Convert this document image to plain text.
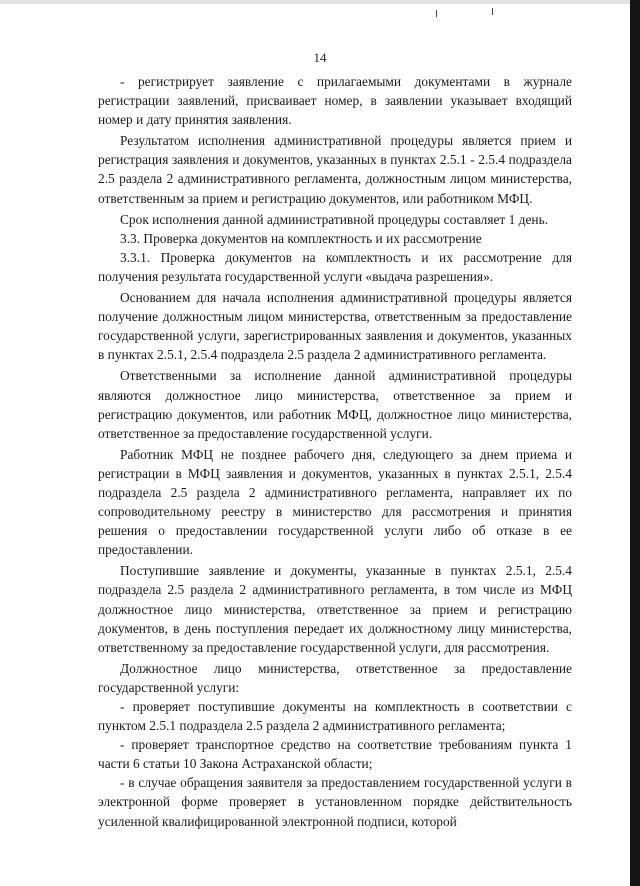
14

- регистрирует заявление с прилагаемыми документами в журнале регистрации заявлений, присваивает номер, в заявлении указывает входящий номер и дату принятия заявления.

Результатом исполнения административной процедуры является прием и регистрация заявления и документов, указанных в пунктах 2.5.1 - 2.5.4 подраздела 2.5 раздела 2 административного регламента, должностным лицом министерства, ответственным за прием и регистрацию документов, или работником МФЦ.

Срок исполнения данной административной процедуры составляет 1 день.

3.3. Проверка документов на комплектность и их рассмотрение

3.3.1. Проверка документов на комплектность и их рассмотрение для получения результата государственной услуги «выдача разрешения».

Основанием для начала исполнения административной процедуры является получение должностным лицом министерства, ответственным за предоставление государственной услуги, зарегистрированных заявления и документов, указанных в пунктах 2.5.1, 2.5.4 подраздела 2.5 раздела 2 административного регламента.

Ответственными за исполнение данной административной процедуры являются должностное лицо министерства, ответственное за прием и регистрацию документов, или работник МФЦ, должностное лицо министерства, ответственное за предоставление государственной услуги.

Работник МФЦ не позднее рабочего дня, следующего за днем приема и регистрации в МФЦ заявления и документов, указанных в пунктах 2.5.1, 2.5.4 подраздела 2.5 раздела 2 административного регламента, направляет их по сопроводительному реестру в министерство для рассмотрения и принятия решения о предоставлении государственной услуги либо об отказе в ее предоставлении.

Поступившие заявление и документы, указанные в пунктах 2.5.1, 2.5.4 подраздела 2.5 раздела 2 административного регламента, в том числе из МФЦ должностное лицо министерства, ответственное за прием и регистрацию документов, в день поступления передает их должностному лицу министерства, ответственному за предоставление государственной услуги, для рассмотрения.

Должностное лицо министерства, ответственное за предоставление государственной услуги:

- проверяет поступившие документы на комплектность в соответствии с пунктом 2.5.1 подраздела 2.5 раздела 2 административного регламента;

- проверяет транспортное средство на соответствие требованиям пункта 1 части 6 статьи 10 Закона Астраханской области;

- в случае обращения заявителя за предоставлением государственной услуги в электронной форме проверяет в установленном порядке действительность усиленной квалифицированной электронной подписи, которой
